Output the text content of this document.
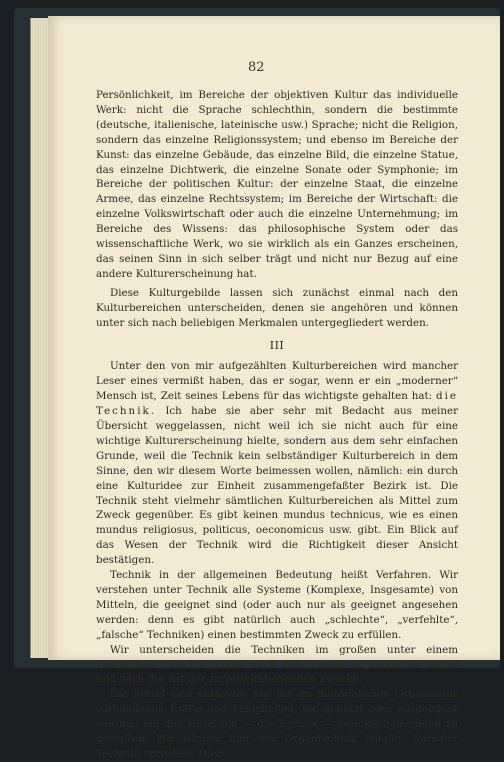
82

Persönlichkeit, im Bereiche der objektiven Kultur das individuelle Werk: nicht die Sprache schlechthin, sondern die bestimmte (deutsche, italienische, lateinische usw.) Sprache; nicht die Religion, sondern das einzelne Religionssystem; und ebenso im Bereiche der Kunst: das einzelne Gebäude, das einzelne Bild, die einzelne Statue, das einzelne Dichtwerk, die einzelne Sonate oder Symphonie; im Bereiche der politischen Kultur: der einzelne Staat, die einzelne Armee, das einzelne Rechtssystem; im Bereiche der Wirtschaft: die einzelne Volkswirtschaft oder auch die einzelne Unternehmung; im Bereiche des Wissens: das philosophische System oder das wissenschaftliche Werk, wo sie wirklich als ein Ganzes erscheinen, das seinen Sinn in sich selber trägt und nicht nur Bezug auf eine andere Kulturerscheinung hat.

Diese Kulturgebilde lassen sich zunächst einmal nach den Kulturbereichen unterscheiden, denen sie angehören und können unter sich nach beliebigen Merkmalen untergegliedert werden.

III

Unter den von mir aufgezählten Kulturbereichen wird mancher Leser eines vermißt haben, das er sogar, wenn er ein „moderner“ Mensch ist, Zeit seines Lebens für das wichtigste gehalten hat: die Technik. Ich habe sie aber sehr mit Bedacht aus meiner Übersicht weggelassen, nicht weil ich sie nicht auch für eine wichtige Kulturerscheinung hielte, sondern aus dem sehr einfachen Grunde, weil die Technik kein selbständiger Kulturbereich in dem Sinne, den wir diesem Worte beimessen wollen, nämlich: ein durch eine Kulturidee zur Einheit zusammengefaßter Bezirk ist. Die Technik steht vielmehr sämtlichen Kulturbereichen als Mittel zum Zweck gegenüber. Es gibt keinen mundus technicus, wie es einen mundus religiosus, politicus, oeconomicus usw. gibt. Ein Blick auf das Wesen der Technik wird die Richtigkeit dieser Ansicht bestätigen.

Technik in der allgemeinen Bedeutung heißt Verfahren. Wir verstehen unter Technik alle Systeme (Komplexe, Insgesamte) von Mitteln, die geeignet sind (oder auch nur als geeignet angesehen werden: denn es gibt natürlich auch „schlechte“, „verfehlte“, „falsche“ Techniken) einen bestimmten Zweck zu erfüllen.

Wir unterscheiden die Techniken im großen unter einem zweifachen Gesichtspunkte: nach der Art der angewandten Mittel und nach der Art der zu verwirklichenden Zwecke.

Die Mittel sind entweder nur die im menschlichen Organismus vorhandenen Kräfte und Fähigkeiten, die genutzt oder ausgebildet werden, um das Verfahren — die Technik — zweckentsprechend zu gestalten. Wir können hier von Organtechnik (vitaler, formaler Technik) sprechen. Hier-
